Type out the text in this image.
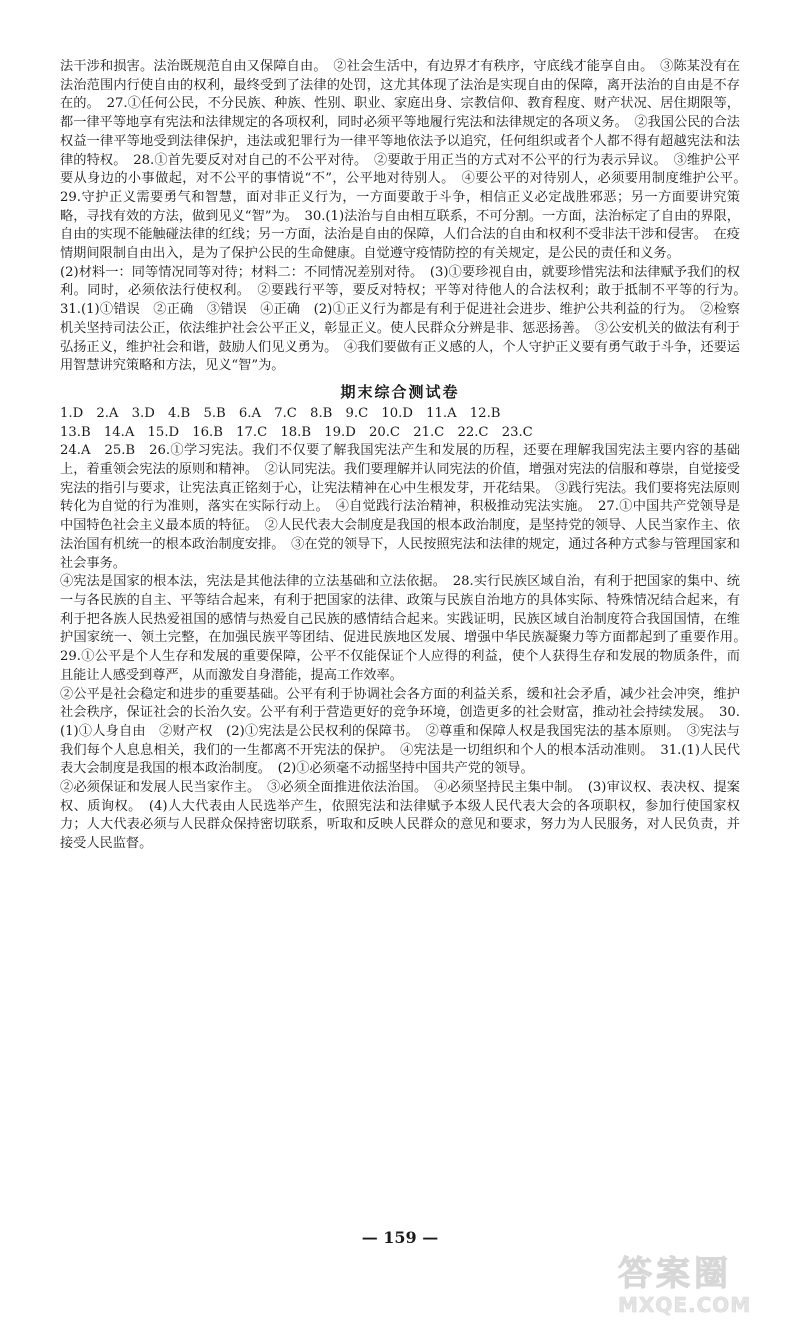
法干涉和损害。法治既规范自由又保障自由。　②社会生活中，有边界才有秩序，守底线才能享自由。　③陈某没有在法治范围内行使自由的权利，最终受到了法律的处罚，这尤其体现了法治是实现自由的保障，离开法治的自由是不存在的。　27.①任何公民，不分民族、种族、性别、职业、家庭出身、宗教信仰、教育程度、财产状况、居住期限等，都一律平等地享有宪法和法律规定的各项权利，同时必须平等地履行宪法和法律规定的各项义务。　②我国公民的合法权益一律平等地受到法律保护，违法或犯罪行为一律平等地依法予以追究，任何组织或者个人都不得有超越宪法和法律的特权。　28.①首先要反对对自己的不公平对待。　②要敢于用正当的方式对不公平的行为表示异议。　③维护公平要从身边的小事做起，对不公平的事情说“不”，公平地对待别人。　④要公平的对待别人，必须要用制度维护公平。　29.守护正义需要勇气和智慧，面对非正义行为，一方面要敢于斗争，相信正义必定战胜邪恶；另一方面要讲究策略，寻找有效的方法，做到见义“智”为。　30.(1)法治与自由相互联系，不可分割。一方面，法治标定了自由的界限，自由的实现不能触碰法律的红线；另一方面，法治是自由的保障，人们合法的自由和权利不受非法干涉和侵害。　在疫情期间限制自由出入，是为了保护公民的生命健康。自觉遵守疫情防控的有关规定，是公民的责任和义务。

(2)材料一：同等情况同等对待；材料二：不同情况差别对待。　(3)①要珍视自由，就要珍惜宪法和法律赋予我们的权利。同时，必须依法行使权利。　②要践行平等，要反对特权；平等对待他人的合法权利；敢于抵制不平等的行为。　31.(1)①错误　②正确　③错误　④正确　(2)①正义行为都是有利于促进社会进步、维护公共利益的行为。　②检察机关坚持司法公正，依法维护社会公平正义，彰显正义。使人民群众分辨是非、惩恶扬善。　③公安机关的做法有利于弘扬正义，维护社会和谐，鼓励人们见义勇为。　④我们要做有正义感的人，个人守护正义要有勇气敢于斗争，还要运用智慧讲究策略和方法，见义“智”为。

期末综合测试卷

1.D　2.A　3.D　4.B　5.B　6.A　7.C　8.B　9.C　10.D　11.A　12.B

13.B　14.A　15.D　16.B　17.C　18.B　19.D　20.C　21.C　22.C　23.C

24.A　25.B　26.①学习宪法。我们不仅要了解我国宪法产生和发展的历程，还要在理解我国宪法主要内容的基础上，着重领会宪法的原则和精神。　②认同宪法。我们要理解并认同宪法的价值，增强对宪法的信服和尊崇，自觉接受宪法的指引与要求，让宪法真正铭刻于心，让宪法精神在心中生根发芽，开花结果。　③践行宪法。我们要将宪法原则转化为自觉的行为准则，落实在实际行动上。　④自觉践行法治精神，积极推动宪法实施。　27.①中国共产党领导是中国特色社会主义最本质的特征。　②人民代表大会制度是我国的根本政治制度，是坚持党的领导、人民当家作主、依法治国有机统一的根本政治制度安排。　③在党的领导下，人民按照宪法和法律的规定，通过各种方式参与管理国家和社会事务。

④宪法是国家的根本法，宪法是其他法律的立法基础和立法依据。　28.实行民族区域自治，有利于把国家的集中、统一与各民族的自主、平等结合起来，有利于把国家的法律、政策与民族自治地方的具体实际、特殊情况结合起来，有利于把各族人民热爱祖国的感情与热爱自己民族的感情结合起来。实践证明，民族区域自治制度符合我国国情，在维护国家统一、领土完整，在加强民族平等团结、促进民族地区发展、增强中华民族凝聚力等方面都起到了重要作用。　29.①公平是个人生存和发展的重要保障，公平不仅能保证个人应得的利益，使个人获得生存和发展的物质条件，而且能让人感受到尊严，从而激发自身潜能，提高工作效率。

②公平是社会稳定和进步的重要基础。公平有利于协调社会各方面的利益关系，缓和社会矛盾，减少社会冲突，维护社会秩序，保证社会的长治久安。公平有利于营造更好的竞争环境，创造更多的社会财富，推动社会持续发展。　30.(1)①人身自由　②财产权　(2)①宪法是公民权利的保障书。　②尊重和保障人权是我国宪法的基本原则。　③宪法与我们每个人息息相关，我们的一生都离不开宪法的保护。　④宪法是一切组织和个人的根本活动准则。　31.(1)人民代表大会制度是我国的根本政治制度。　(2)①必须毫不动摇坚持中国共产党的领导。

②必须保证和发展人民当家作主。　③必须全面推进依法治国。　④必须坚持民主集中制。　(3)审议权、表决权、提案权、质询权。　(4)人大代表由人民选举产生，依照宪法和法律赋予本级人民代表大会的各项职权，参加行使国家权力；人大代表必须与人民群众保持密切联系，听取和反映人民群众的意见和要求，努力为人民服务，对人民负责，并接受人民监督。

— 159 —
答案圈
MXQE.COM
